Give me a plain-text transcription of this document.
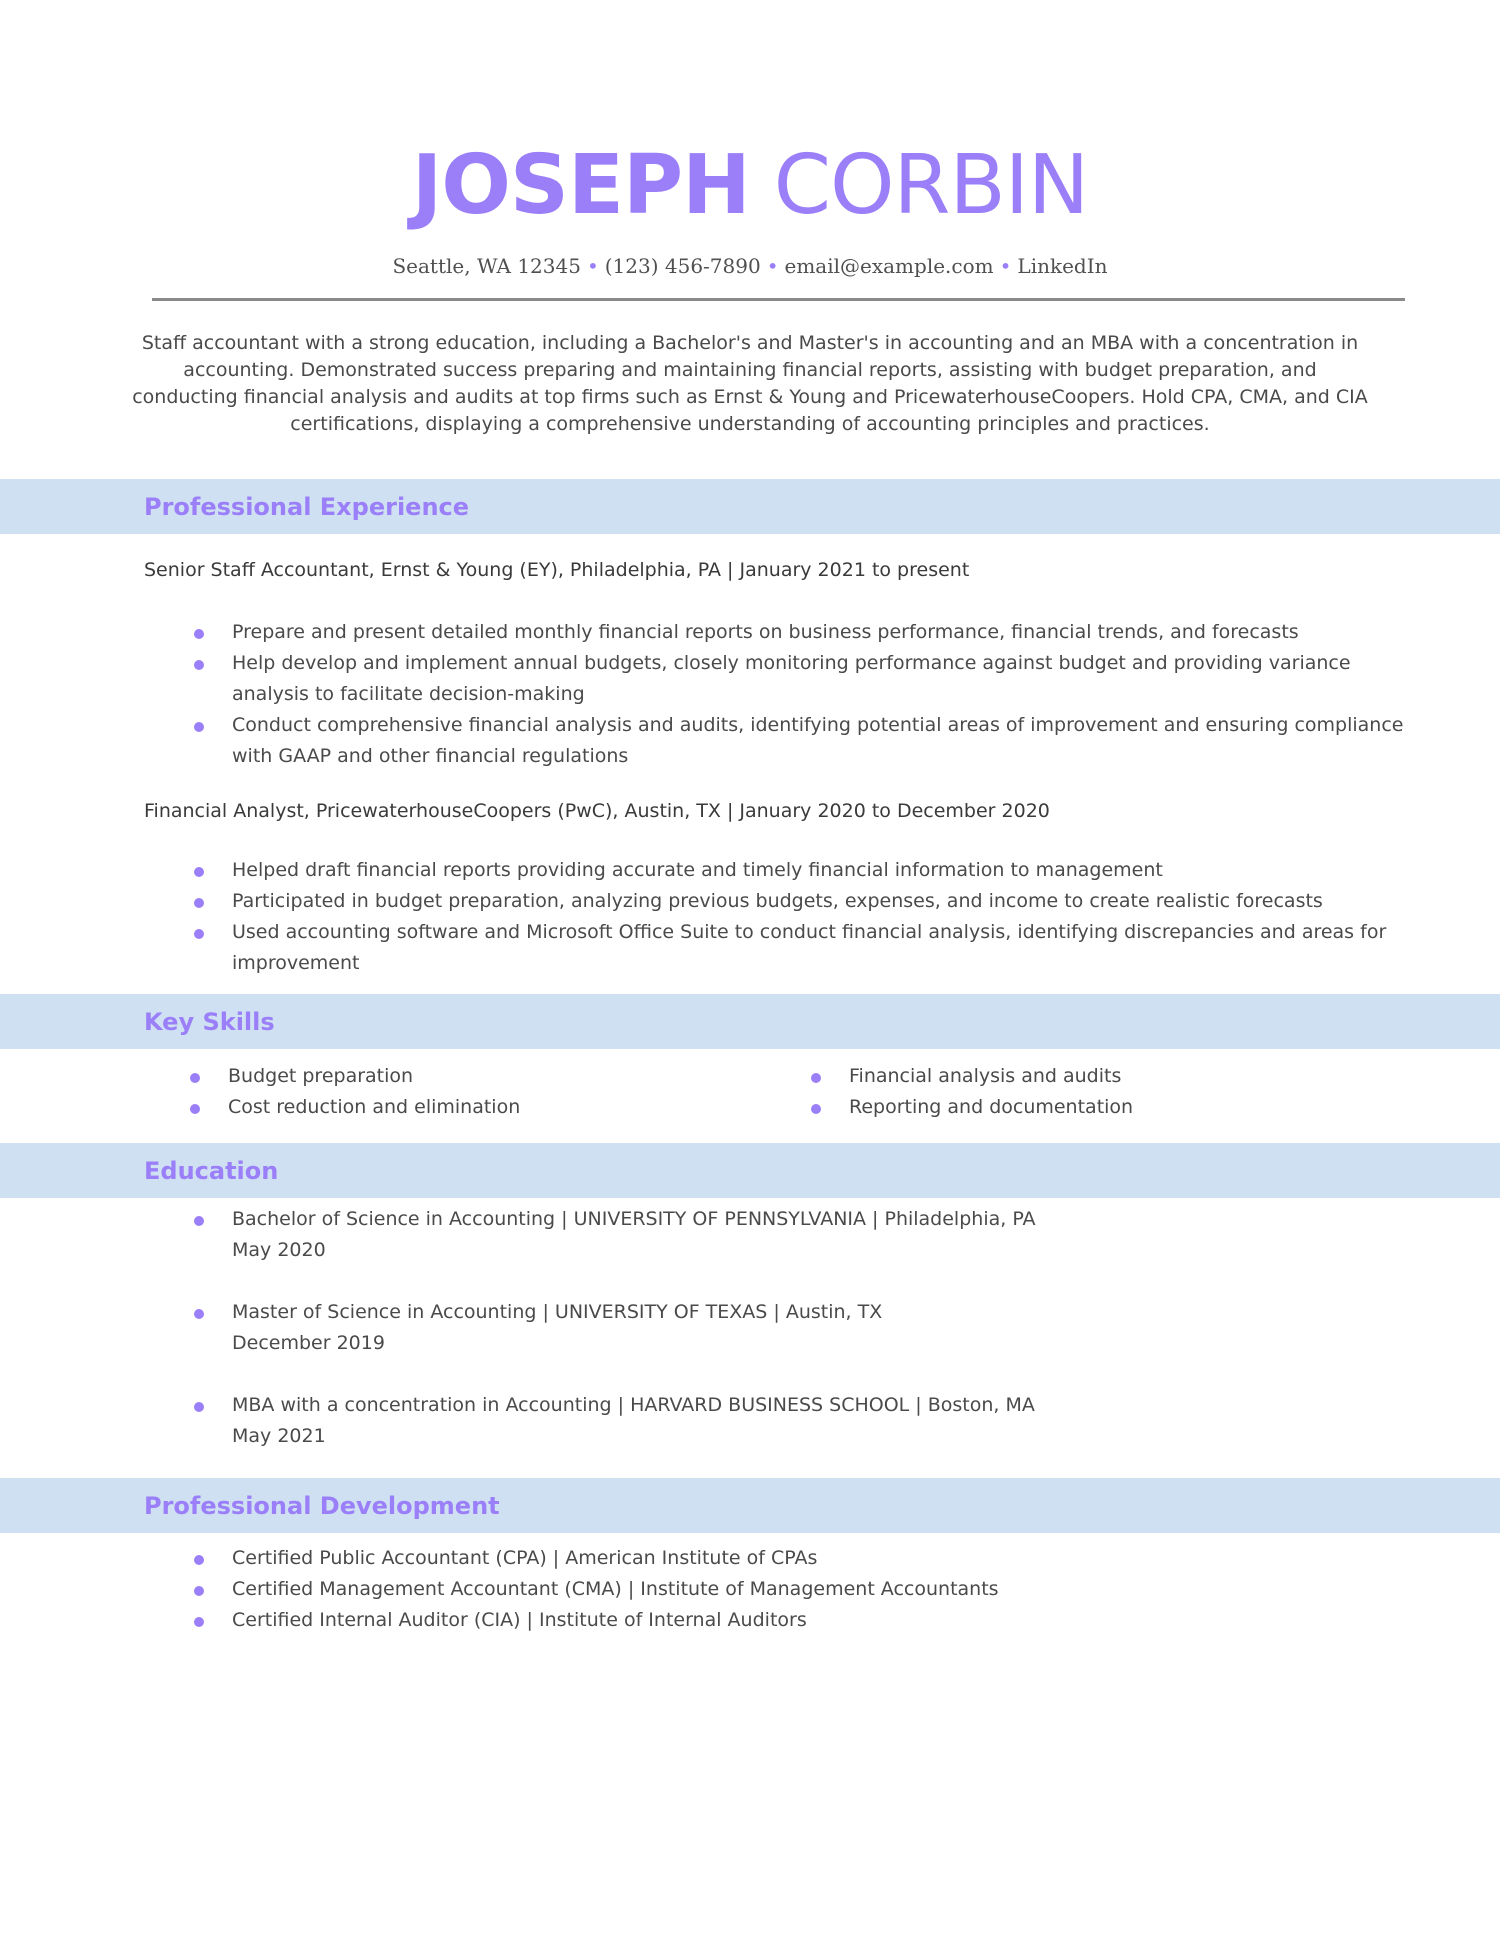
JOSEPH CORBIN
Seattle, WA 12345 • (123) 456-7890 • email@example.com • LinkedIn

Staff accountant with a strong education, including a Bachelor's and Master's in accounting and an MBA with a concentration in accounting. Demonstrated success preparing and maintaining financial reports, assisting with budget preparation, and conducting financial analysis and audits at top firms such as Ernst & Young and PricewaterhouseCoopers. Hold CPA, CMA, and CIA certifications, displaying a comprehensive understanding of accounting principles and practices.

Professional Experience

Senior Staff Accountant, Ernst & Young (EY), Philadelphia, PA | January 2021 to present

Prepare and present detailed monthly financial reports on business performance, financial trends, and forecasts
Help develop and implement annual budgets, closely monitoring performance against budget and providing variance analysis to facilitate decision-making
Conduct comprehensive financial analysis and audits, identifying potential areas of improvement and ensuring compliance with GAAP and other financial regulations

Financial Analyst, PricewaterhouseCoopers (PwC), Austin, TX | January 2020 to December 2020

Helped draft financial reports providing accurate and timely financial information to management
Participated in budget preparation, analyzing previous budgets, expenses, and income to create realistic forecasts
Used accounting software and Microsoft Office Suite to conduct financial analysis, identifying discrepancies and areas for improvement
Key Skills
Budget preparation
Cost reduction and elimination
Financial analysis and audits
Reporting and documentation
Education
Bachelor of Science in Accounting | UNIVERSITY OF PENNSYLVANIA | Philadelphia, PA
May 2020
Master of Science in Accounting | UNIVERSITY OF TEXAS | Austin, TX
December 2019
MBA with a concentration in Accounting | HARVARD BUSINESS SCHOOL | Boston, MA
May 2021
Professional Development
Certified Public Accountant (CPA) | American Institute of CPAs
Certified Management Accountant (CMA) | Institute of Management Accountants
Certified Internal Auditor (CIA) | Institute of Internal Auditors
